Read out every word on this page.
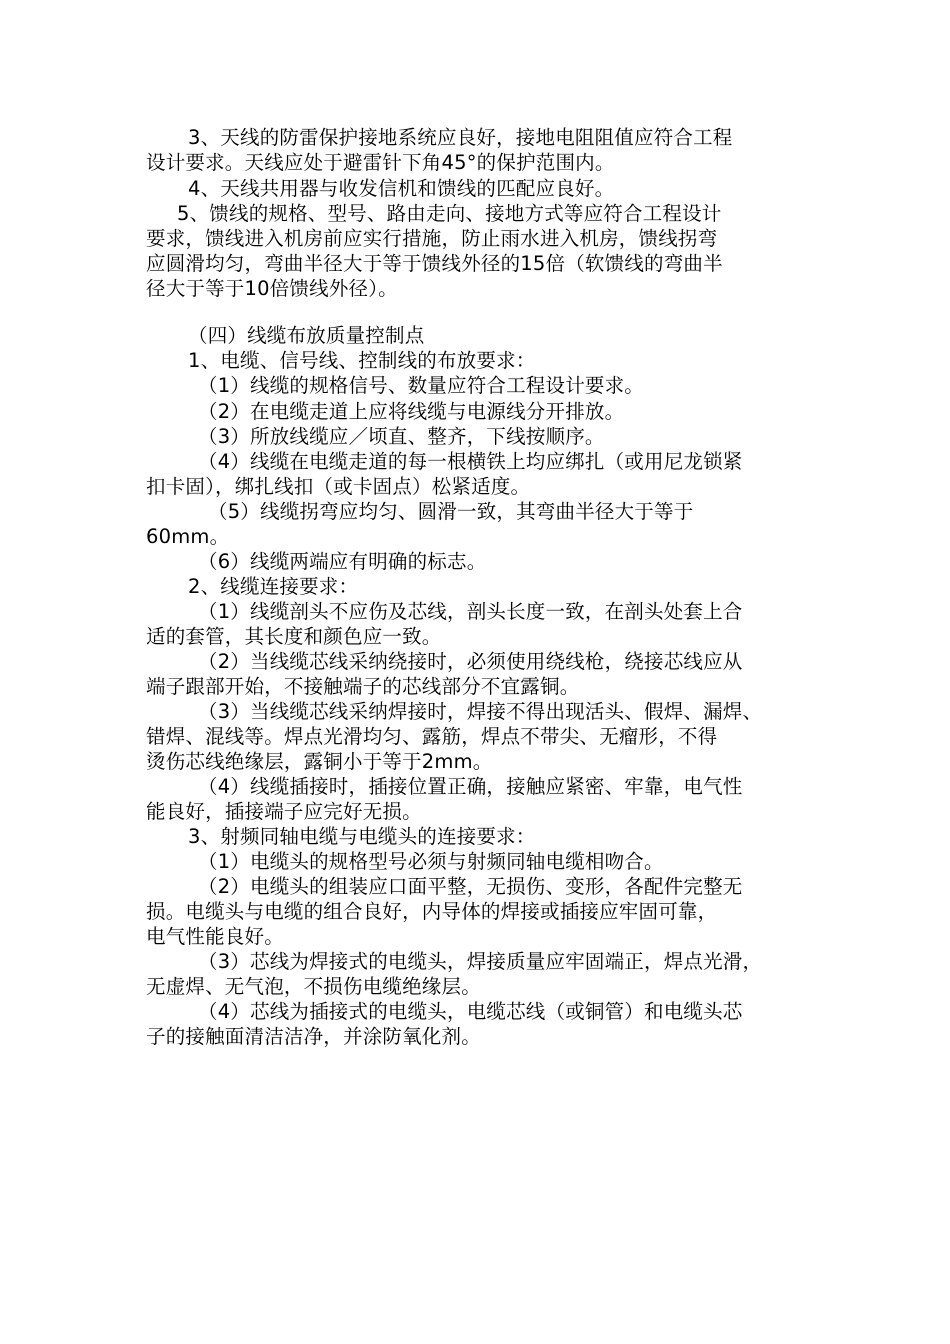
3、天线的防雷保护接地系统应良好，接地电阻阻值应符合工程
设计要求。天线应处于避雷针下角45°的保护范围内。
4、天线共用器与收发信机和馈线的匹配应良好。
5、馈线的规格、型号、路由走向、接地方式等应符合工程设计
要求，馈线进入机房前应实行措施，防止雨水进入机房，馈线拐弯
应圆滑均匀，弯曲半径大于等于馈线外径的15倍（软馈线的弯曲半
径大于等于10倍馈线外径）。
（四）线缆布放质量控制点
1、电缆、信号线、控制线的布放要求：
（1）线缆的规格信号、数量应符合工程设计要求。
（2）在电缆走道上应将线缆与电源线分开排放。
（3）所放线缆应／顷直、整齐，下线按顺序。
（4）线缆在电缆走道的每一根横铁上均应绑扎（或用尼龙锁紧
扣卡固），绑扎线扣（或卡固点）松紧适度。
（5）线缆拐弯应均匀、圆滑一致，其弯曲半径大于等于
60mm。
（6）线缆两端应有明确的标志。
2、线缆连接要求：
（1）线缆剖头不应伤及芯线，剖头长度一致，在剖头处套上合
适的套管，其长度和颜色应一致。
（2）当线缆芯线采纳绕接时，必须使用绕线枪，绕接芯线应从
端子跟部开始，不接触端子的芯线部分不宜露铜。
（3）当线缆芯线采纳焊接时，焊接不得出现活头、假焊、漏焊、
错焊、混线等。焊点光滑均匀、露筋，焊点不带尖、无瘤形，不得
烫伤芯线绝缘层，露铜小于等于2mm。
（4）线缆插接时，插接位置正确，接触应紧密、牢靠，电气性
能良好，插接端子应完好无损。
3、射频同轴电缆与电缆头的连接要求：
（1）电缆头的规格型号必须与射频同轴电缆相吻合。
（2）电缆头的组装应口面平整，无损伤、变形，各配件完整无
损。电缆头与电缆的组合良好，内导体的焊接或插接应牢固可靠，
电气性能良好。
（3）芯线为焊接式的电缆头，焊接质量应牢固端正，焊点光滑，
无虚焊、无气泡，不损伤电缆绝缘层。
（4）芯线为插接式的电缆头，电缆芯线（或铜管）和电缆头芯
子的接触面清洁洁净，并涂防氧化剂。
